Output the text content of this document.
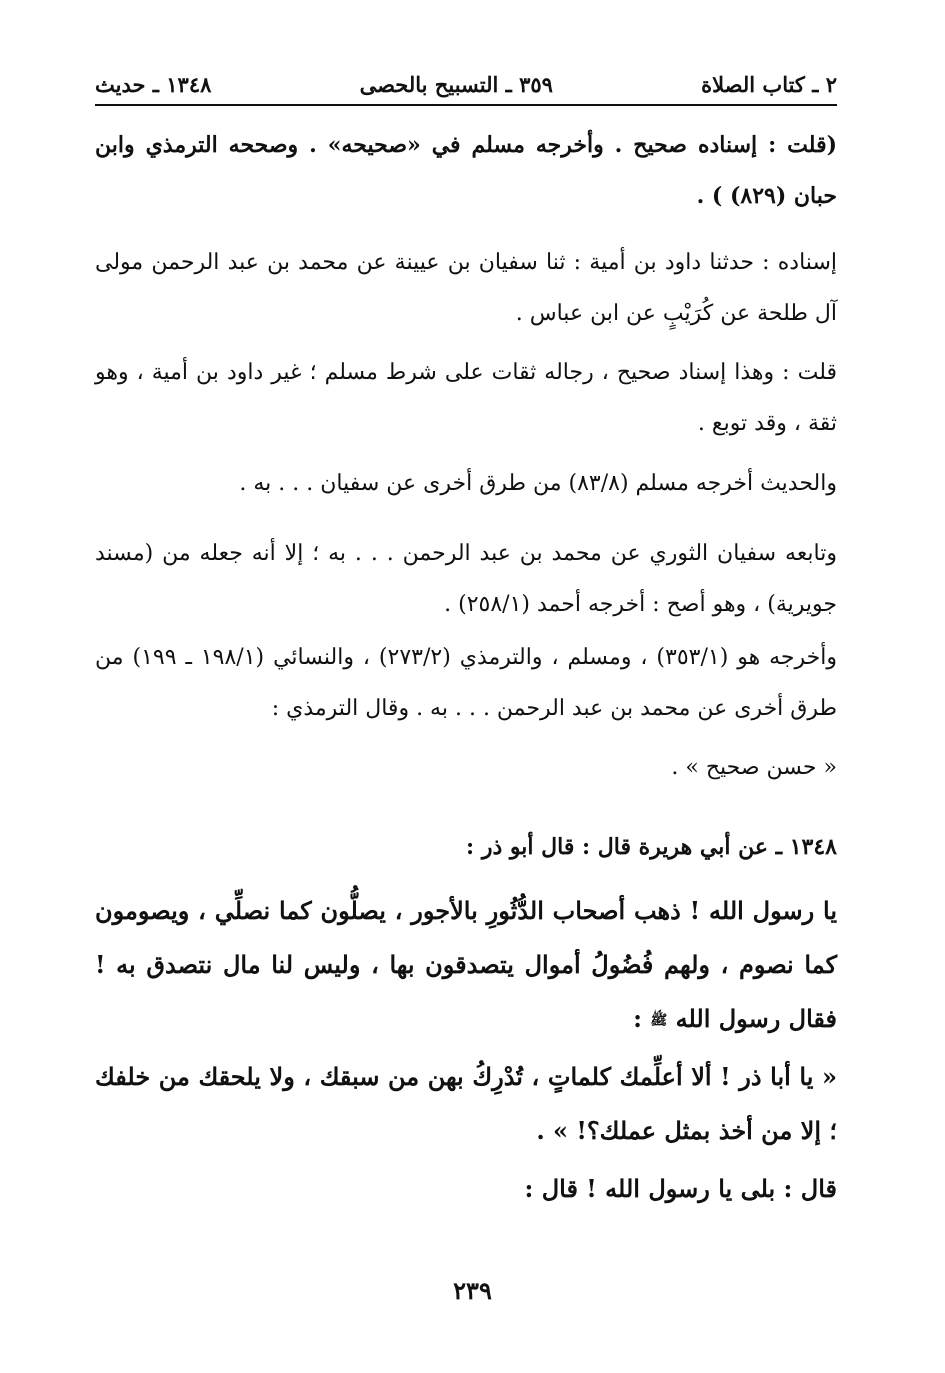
٢ ـ كتاب الصلاة
٣٥٩ ـ التسبيح بالحصى
١٣٤٨ ـ حديث
(قلت : إسناده صحيح . وأخرجه مسلم في «صحيحه» . وصححه الترمذي وابن حبان (٨٢٩) ) .
إسناده : حدثنا داود بن أمية : ثنا سفيان بن عيينة عن محمد بن عبد الرحمن مولى آل طلحة عن كُرَيْبٍ عن ابن عباس .
قلت : وهذا إسناد صحيح ، رجاله ثقات على شرط مسلم ؛ غير داود بن أمية ، وهو ثقة ، وقد توبع .
والحديث أخرجه مسلم (٨٣/٨) من طرق أخرى عن سفيان . . . به .
وتابعه سفيان الثوري عن محمد بن عبد الرحمن . . . به ؛ إلا أنه جعله من (مسند جويرية) ، وهو أصح : أخرجه أحمد (٢٥٨/١) .
وأخرجه هو (٣٥٣/١) ، ومسلم ، والترمذي (٢٧٣/٢) ، والنسائي (١٩٨/١ ـ ١٩٩) من طرق أخرى عن محمد بن عبد الرحمن . . . به . وقال الترمذي :
« حسن صحيح » .
١٣٤٨ ـ عن أبي هريرة قال : قال أبو ذر :
يا رسول الله ! ذهب أصحاب الدُّثُورِ بالأجور ، يصلُّون كما نصلِّي ، ويصومون كما نصوم ، ولهم فُضُولُ أموال يتصدقون بها ، وليس لنا مال نتصدق به ! فقال رسول الله ﷺ :
« يا أبا ذر ! ألا أعلِّمك كلماتٍ ، تُدْرِكُ بهن من سبقك ، ولا يلحقك من خلفك ؛ إلا من أخذ بمثل عملك؟! » .
قال : بلى يا رسول الله ! قال :
٢٣٩
